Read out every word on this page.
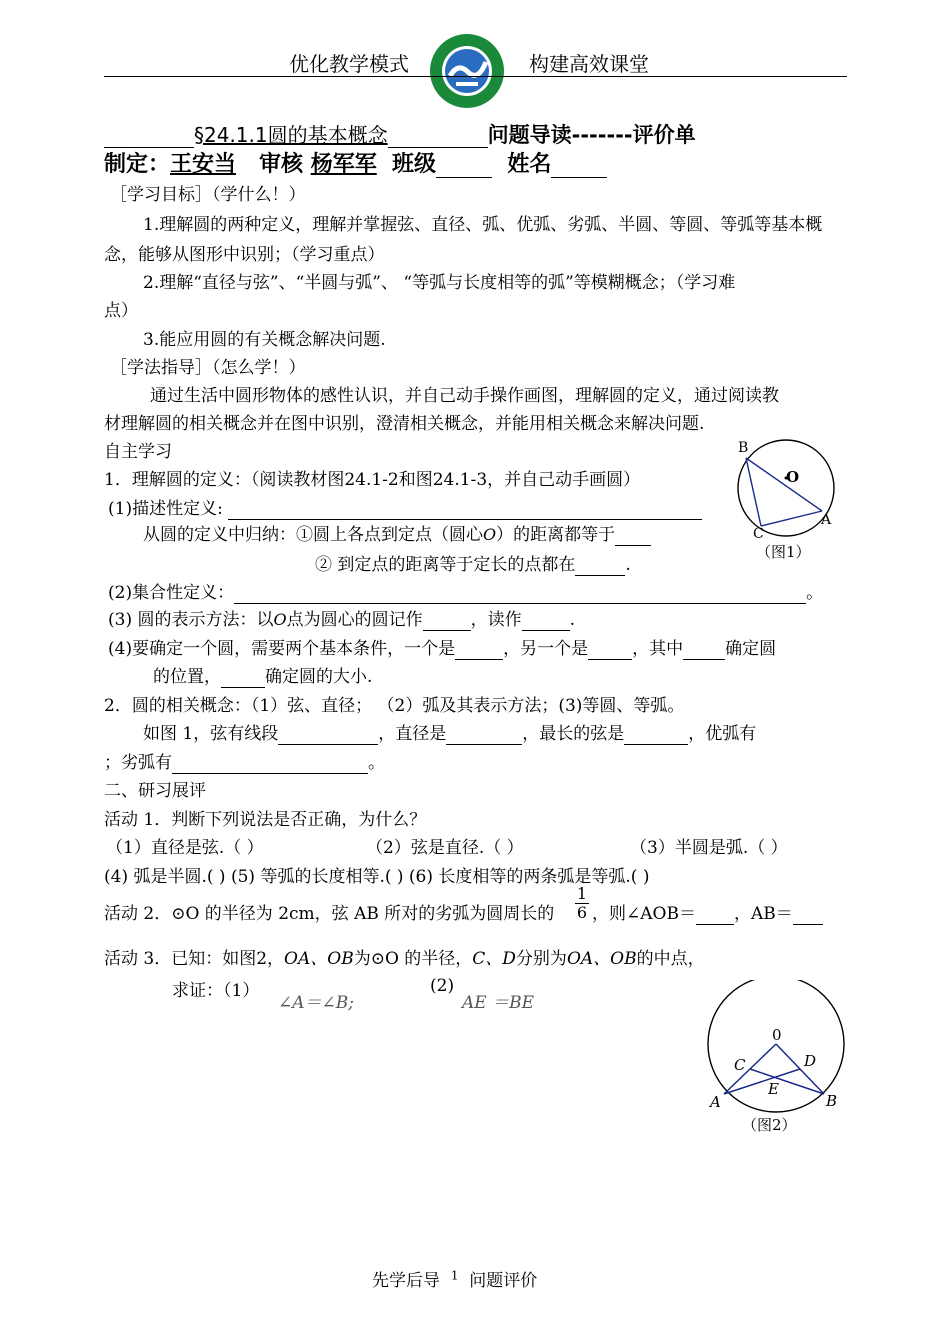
优化教学模式	构建高效课堂
§24.1.1圆的基本概念	问题导读-------评价单
制定：王安当 审核 杨军军 班级	姓名
［学习目标］（学什么！）
1.理解圆的两种定义，理解并掌握弦、直径、弧、优弧、劣弧、半圆、等圆、等弧等基本概
念，能够从图形中识别；（学习重点）
2.理解“直径与弦”、“半圆与弧”、 “等弧与长度相等的弧”等模糊概念；（学习难
点）
3.能应用圆的有关概念解决问题.
［学法指导］（怎么学！）
通过生活中圆形物体的感性认识，并自己动手操作画图，理解圆的定义，通过阅读教
材理解圆的相关概念并在图中识别，澄清相关概念，并能用相关概念来解决问题.
自主学习
1．理解圆的定义：（阅读教材图24.1-2和图24.1-3，并自己动手画圆）
(1)描述性定义:
从圆的定义中归纳：①圆上各点到定点（圆心O）的距离都等于
② 到定点的距离等于定长的点都在	.
(2)集合性定义：	。
(3) 圆的表示方法：以O点为圆心的圆记作	，读作	.
(4)要确定一个圆，需要两个基本条件，一个是	，另一个是	，其中 确定圆
的位置，	确定圆的大小.
2．圆的相关概念：（1）弦、直径； （2）弧及其表示方法；(3)等圆、等弧。
如图 1，弦有线段	，直径是	，最长的弦是	，优弧有
；劣弧有	。
B
O
A
C
（图1）
二、研习展评
活动 1．判断下列说法是否正确，为什么？
（1）直径是弦.（ ）	（2）弦是直径.（ ）	（3）半圆是弧.（ ）
(4) 弧是半圆.( ) (5) 等弧的长度相等.( ) (6) 长度相等的两条弧是等弧.( )
活动 2．⊙O 的半径为 2cm，弦 AB 所对的劣弧为圆周长的 $\frac{1}{6}$ ，则∠AOB＝ ，AB＝
活动 3．已知：如图2，OA、OB为⊙O 的半径，C、D分别为OA、OB的中点，
求证：（1）
∠A＝∠B;
(2)
AE ＝BE
0
C	D
E
A	B
（图2）
先学后导 $^1$ 问题评价
